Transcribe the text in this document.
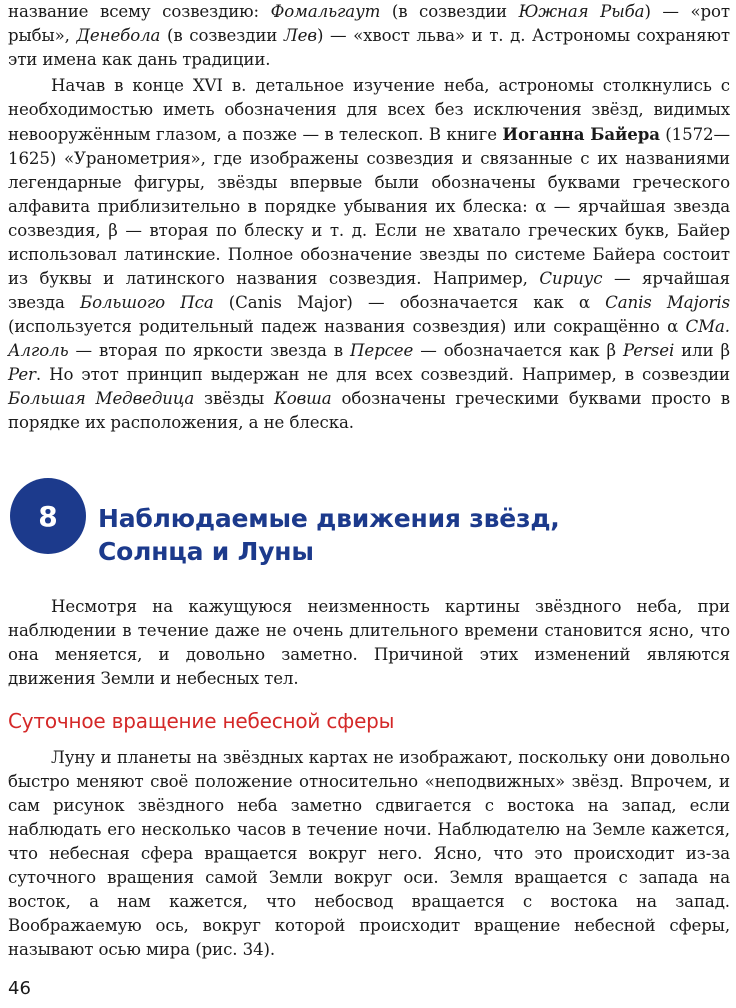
название всему созвездию: Фомальгаут (в созвездии Южная Рыба) — «рот рыбы», Денебола (в созвездии Лев) — «хвост льва» и т. д. Астрономы сохраняют эти имена как дань традиции.

Начав в конце XVI в. детальное изучение неба, астрономы столкнулись с необходимостью иметь обозначения для всех без исключения звёзд, видимых невооружённым глазом, а позже — в телескоп. В книге Иоганна Байера (1572—1625) «Уранометрия», где изображены созвездия и связанные с их названиями легендарные фигуры, звёзды впервые были обозначены буквами греческого алфавита приблизительно в порядке убывания их блеска: α — ярчайшая звезда созвездия, β — вторая по блеску и т. д. Если не хватало греческих букв, Байер использовал латинские. Полное обозначение звезды по системе Байера состоит из буквы и латинского названия созвездия. Например, Сириус — ярчайшая звезда Большого Пса (Canis Major) — обозначается как α Canis Majoris (используется родительный падеж названия созвездия) или сокращённо α CMa. Алголь — вторая по яркости звезда в Персее — обозначается как β Persei или β Per. Но этот принцип выдержан не для всех созвездий. Например, в созвездии Большая Медведица звёзды Ковша обозначены греческими буквами просто в порядке их расположения, а не блеска.

8	Наблюдаемые движения звёзд,
Солнца и Луны

Несмотря на кажущуюся неизменность картины звёздного неба, при наблюдении в течение даже не очень длительного времени становится ясно, что она меняется, и довольно заметно. Причиной этих изменений являются движения Земли и небесных тел.

Суточное вращение небесной сферы

Луну и планеты на звёздных картах не изображают, поскольку они довольно быстро меняют своё положение относительно «неподвижных» звёзд. Впрочем, и сам рисунок звёздного неба заметно сдвигается с востока на запад, если наблюдать его несколько часов в течение ночи. Наблюдателю на Земле кажется, что небесная сфера вращается вокруг него. Ясно, что это происходит из-за суточного вращения самой Земли вокруг оси. Земля вращается с запада на восток, а нам кажется, что небосвод вращается с востока на запад. Воображаемую ось, вокруг которой происходит вращение небесной сферы, называют осью мира (рис. 34).

46
